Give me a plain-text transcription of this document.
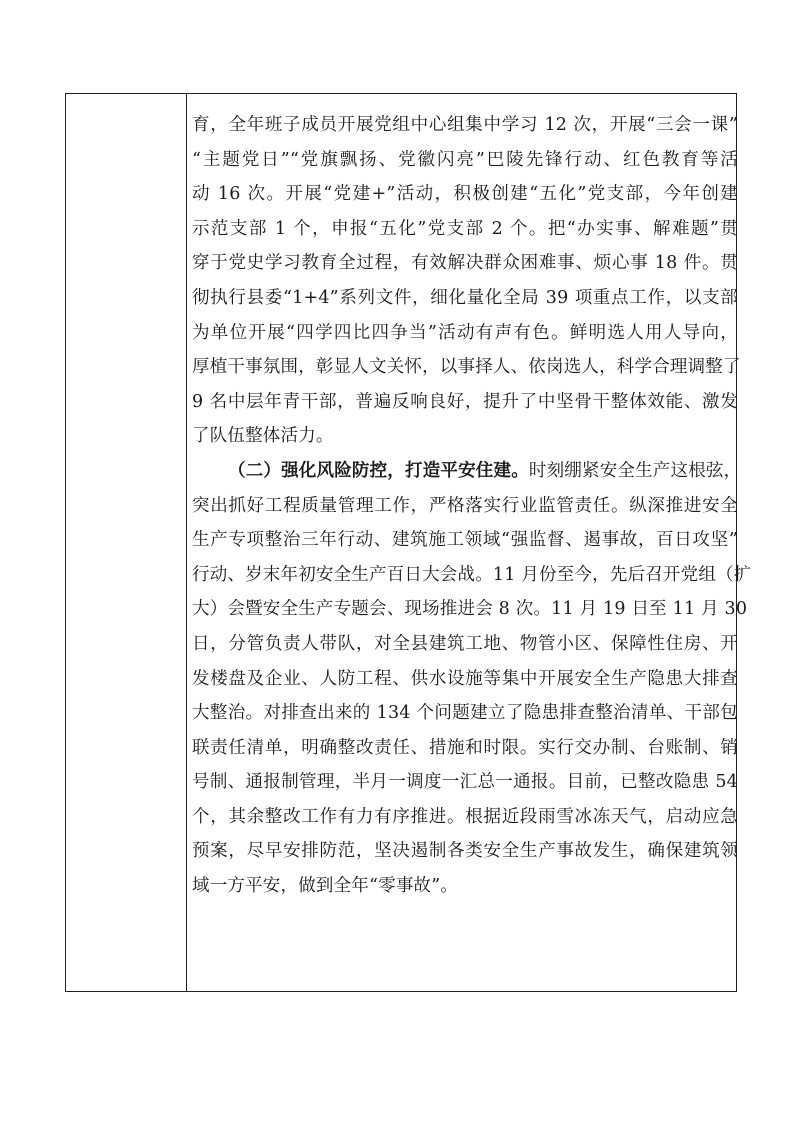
育，全年班子成员开展党组中心组集中学习 12 次，开展“三会一课”
“主题党日”“党旗飘扬、党徽闪亮”巴陵先锋行动、红色教育等活
动 16 次。开展“党建+”活动，积极创建“五化”党支部，今年创建
示范支部 1 个，申报“五化”党支部 2 个。把“办实事、解难题”贯
穿于党史学习教育全过程，有效解决群众困难事、烦心事 18 件。贯
彻执行县委“1+4”系列文件，细化量化全局 39 项重点工作，以支部
为单位开展“四学四比四争当”活动有声有色。鲜明选人用人导向，
厚植干事氛围，彰显人文关怀，以事择人、依岗选人，科学合理调整了
9 名中层年青干部，普遍反响良好，提升了中坚骨干整体效能、激发
了队伍整体活力。
（二）强化风险防控，打造平安住建。时刻绷紧安全生产这根弦，
突出抓好工程质量管理工作，严格落实行业监管责任。纵深推进安全
生产专项整治三年行动、建筑施工领域“强监督、遏事故，百日攻坚”
行动、岁末年初安全生产百日大会战。11 月份至今，先后召开党组（扩
大）会暨安全生产专题会、现场推进会 8 次。11 月 19 日至 11 月 30
日，分管负责人带队，对全县建筑工地、物管小区、保障性住房、开
发楼盘及企业、人防工程、供水设施等集中开展安全生产隐患大排查
大整治。对排查出来的 134 个问题建立了隐患排查整治清单、干部包
联责任清单，明确整改责任、措施和时限。实行交办制、台账制、销
号制、通报制管理，半月一调度一汇总一通报。目前，已整改隐患 54
个，其余整改工作有力有序推进。根据近段雨雪冰冻天气，启动应急
预案，尽早安排防范，坚决遏制各类安全生产事故发生，确保建筑领
域一方平安，做到全年“零事故”。
